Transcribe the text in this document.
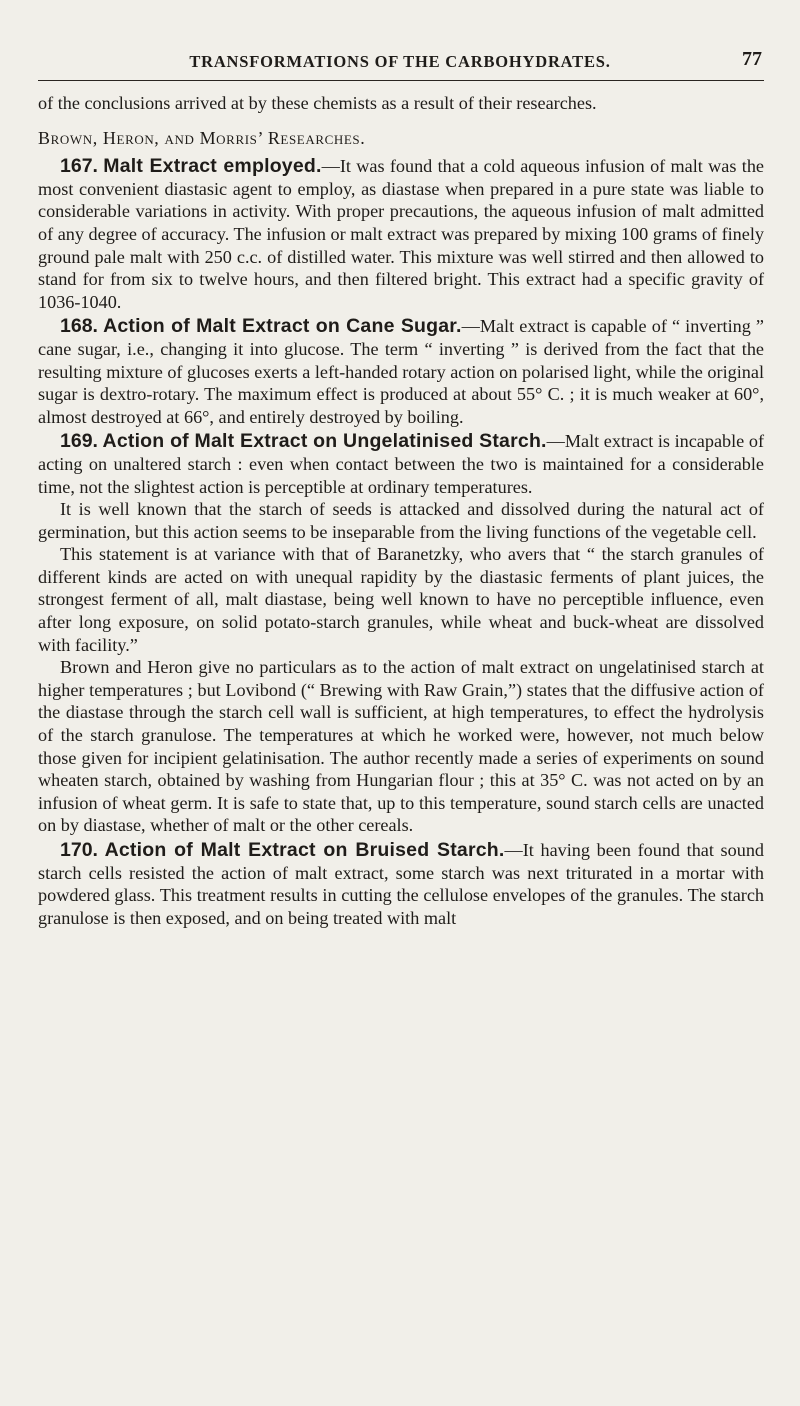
TRANSFORMATIONS OF THE CARBOHYDRATES.	77

of the conclusions arrived at by these chemists as a result of their researches.

Brown, Heron, and Morris’ Researches.

167. Malt Extract employed.—It was found that a cold aqueous infusion of malt was the most convenient diastasic agent to employ, as diastase when prepared in a pure state was liable to considerable variations in activity. With proper precautions, the aqueous infusion of malt admitted of any degree of accuracy. The infusion or malt extract was prepared by mixing 100 grams of finely ground pale malt with 250 c.c. of distilled water. This mixture was well stirred and then allowed to stand for from six to twelve hours, and then filtered bright. This extract had a specific gravity of 1036-1040.

168. Action of Malt Extract on Cane Sugar.—Malt extract is capable of “ inverting ” cane sugar, i.e., changing it into glucose. The term “ inverting ” is derived from the fact that the resulting mixture of glucoses exerts a left-handed rotary action on polarised light, while the original sugar is dextro-rotary. The maximum effect is produced at about 55° C. ; it is much weaker at 60°, almost destroyed at 66°, and entirely destroyed by boiling.

169. Action of Malt Extract on Ungelatinised Starch.—Malt extract is incapable of acting on unaltered starch : even when contact between the two is maintained for a considerable time, not the slightest action is perceptible at ordinary temperatures.

It is well known that the starch of seeds is attacked and dissolved during the natural act of germination, but this action seems to be inseparable from the living functions of the vegetable cell.

This statement is at variance with that of Baranetzky, who avers that “ the starch granules of different kinds are acted on with unequal rapidity by the diastasic ferments of plant juices, the strongest ferment of all, malt diastase, being well known to have no perceptible influence, even after long exposure, on solid potato-starch granules, while wheat and buck-wheat are dissolved with facility.”

Brown and Heron give no particulars as to the action of malt extract on ungelatinised starch at higher temperatures ; but Lovibond (“ Brewing with Raw Grain,”) states that the diffusive action of the diastase through the starch cell wall is sufficient, at high temperatures, to effect the hydrolysis of the starch granulose. The temperatures at which he worked were, however, not much below those given for incipient gelatinisation. The author recently made a series of experiments on sound wheaten starch, obtained by washing from Hungarian flour ; this at 35° C. was not acted on by an infusion of wheat germ. It is safe to state that, up to this temperature, sound starch cells are unacted on by diastase, whether of malt or the other cereals.

170. Action of Malt Extract on Bruised Starch.—It having been found that sound starch cells resisted the action of malt extract, some starch was next triturated in a mortar with powdered glass. This treatment results in cutting the cellulose envelopes of the granules. The starch granulose is then exposed, and on being treated with malt
